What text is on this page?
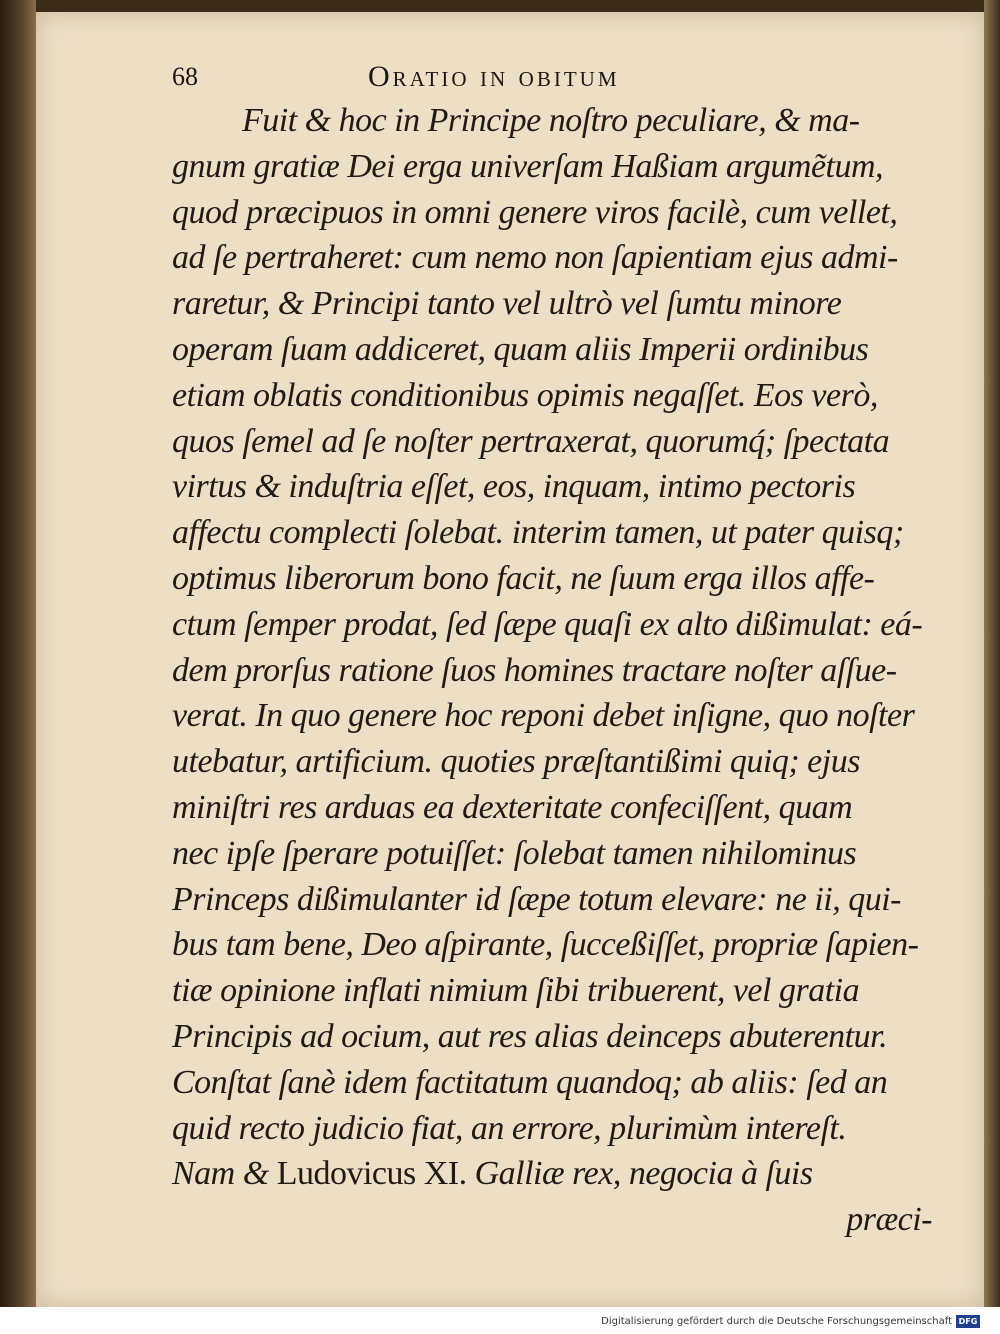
68	Oratio in obitum
Fuit & hoc in Principe noſtro peculiare, & ma-
gnum gratiæ Dei erga univerſam Haßiam argumẽtum,
quod præcipuos in omni genere viros facilè, cum vellet,
ad ſe pertraheret: cum nemo non ſapientiam ejus admi-
raretur, & Principi tanto vel ultrò vel ſumtu minore
operam ſuam addiceret, quam aliis Imperii ordinibus
etiam oblatis conditionibus opimis negaſſet. Eos verò,
quos ſemel ad ſe noſter pertraxerat, quorumq́; ſpectata
virtus & induſtria eſſet, eos, inquam, intimo pectoris
affectu complecti ſolebat. interim tamen, ut pater quisq;
optimus liberorum bono facit, ne ſuum erga illos affe-
ctum ſemper prodat, ſed ſæpe quaſi ex alto dißimulat: eá-
dem prorſus ratione ſuos homines tractare noſter aſſue-
verat. In quo genere hoc reponi debet inſigne, quo noſter
utebatur, artificium. quoties præſtantißimi quiq; ejus
miniſtri res arduas ea dexteritate confeciſſent, quam
nec ipſe ſperare potuiſſet: ſolebat tamen nihilominus
Princeps dißimulanter id ſæpe totum elevare: ne ii, qui-
bus tam bene, Deo aſpirante, ſucceßiſſet, propriæ ſapien-
tiæ opinione inflati nimium ſibi tribuerent, vel gratia
Principis ad ocium, aut res alias deinceps abuterentur.
Conſtat ſanè idem factitatum quandoq; ab aliis: ſed an
quid recto judicio fiat, an errore, plurimùm intereſt.
Nam & Ludovicus XI. Galliæ rex, negocia à ſuis
præci-
Digitalisierung gefördert durch die Deutsche Forschungsgemeinschaft DFG
